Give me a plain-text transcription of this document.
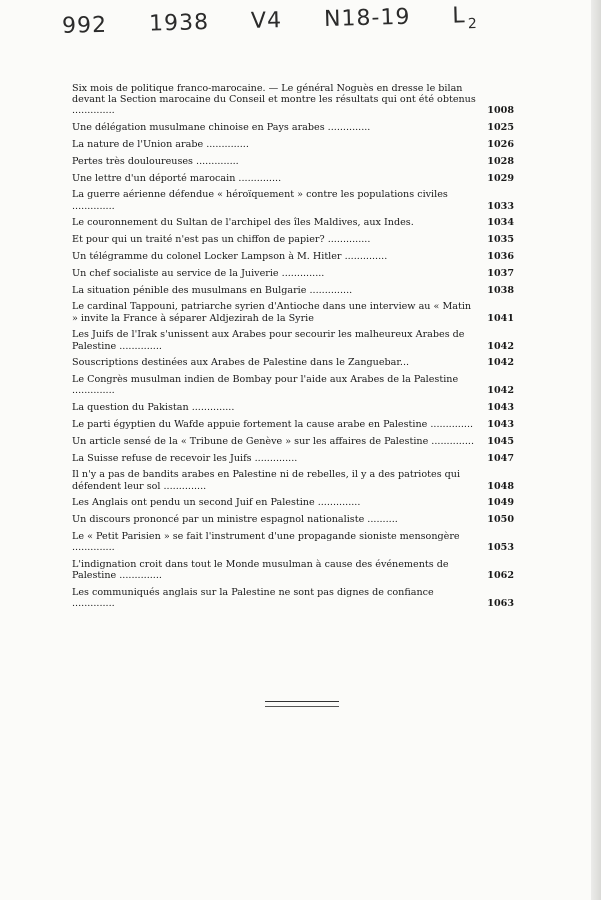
992 1938 V4 N18-19 L 2
Six mois de politique franco-marocaine. — Le général Noguès en dresse le bilan devant la Section marocaine du Conseil et montre les résultats qui ont été obtenus ..............	1008
Une délégation musulmane chinoise en Pays arabes ..............	1025
La nature de l'Union arabe ..............	1026
Pertes très douloureuses ..............	1028
Une lettre d'un déporté marocain ..............	1029
La guerre aérienne défendue « héroïquement » contre les populations civiles ..............	1033
Le couronnement du Sultan de l'archipel des îles Maldives, aux Indes.	1034
Et pour qui un traité n'est pas un chiffon de papier? ..............	1035
Un télégramme du colonel Locker Lampson à M. Hitler ..............	1036
Un chef socialiste au service de la Juiverie ..............	1037
La situation pénible des musulmans en Bulgarie ..............	1038
Le cardinal Tappouni, patriarche syrien d'Antioche dans une interview au « Matin » invite la France à séparer Aldjezirah de la Syrie	1041
Les Juifs de l'Irak s'unissent aux Arabes pour secourir les malheureux Arabes de Palestine ..............	1042
Souscriptions destinées aux Arabes de Palestine dans le Zanguebar...	1042
Le Congrès musulman indien de Bombay pour l'aide aux Arabes de la Palestine ..............	1042
La question du Pakistan ..............	1043
Le parti égyptien du Wafde appuie fortement la cause arabe en Palestine ..............	1043
Un article sensé de la « Tribune de Genève » sur les affaires de Palestine ..............	1045
La Suisse refuse de recevoir les Juifs ..............	1047
Il n'y a pas de bandits arabes en Palestine ni de rebelles, il y a des patriotes qui défendent leur sol ..............	1048
Les Anglais ont pendu un second Juif en Palestine ..............	1049
Un discours prononcé par un ministre espagnol nationaliste ..........	1050
Le « Petit Parisien » se fait l'instrument d'une propagande sioniste mensongère ..............	1053
L'indignation croit dans tout le Monde musulman à cause des événements de Palestine ..............	1062
Les communiqués anglais sur la Palestine ne sont pas dignes de confiance ..............	1063
